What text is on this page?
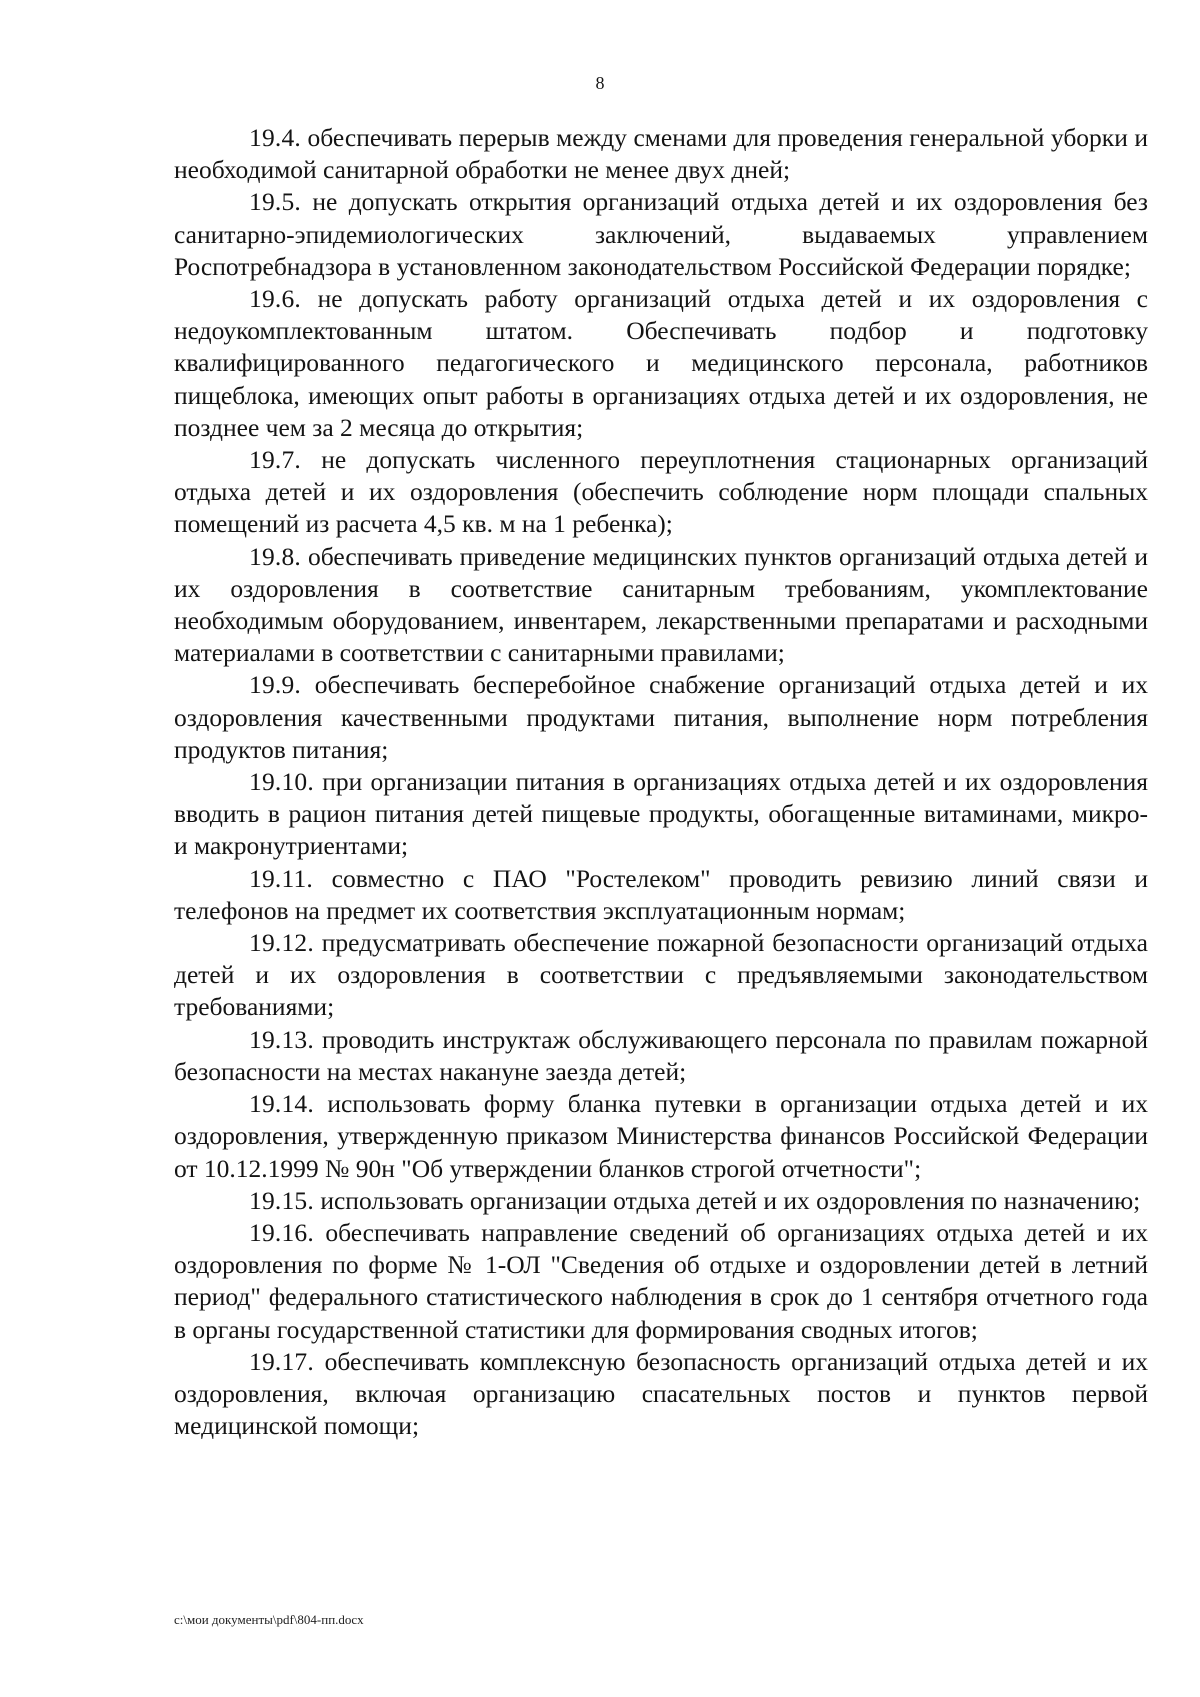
8

19.4. обеспечивать перерыв между сменами для проведения генеральной уборки и необходимой санитарной обработки не менее двух дней;

19.5. не допускать открытия организаций отдыха детей и их оздоровления без санитарно-эпидемиологических заключений, выдаваемых управлением Роспотребнадзора в установленном законодательством Российской Федерации порядке;

19.6. не допускать работу организаций отдыха детей и их оздоровления с недоукомплектованным штатом. Обеспечивать подбор и подготовку квалифицированного педагогического и медицинского персонала, работников пищеблока, имеющих опыт работы в организациях отдыха детей и их оздоровления, не позднее чем за 2 месяца до открытия;

19.7. не допускать численного переуплотнения стационарных организаций отдыха детей и их оздоровления (обеспечить соблюдение норм площади спальных помещений из расчета 4,5 кв. м на 1 ребенка);

19.8. обеспечивать приведение медицинских пунктов организаций отдыха детей и их оздоровления в соответствие санитарным требованиям, укомплектование необходимым оборудованием, инвентарем, лекарственными препаратами и расходными материалами в соответствии с санитарными правилами;

19.9. обеспечивать бесперебойное снабжение организаций отдыха детей и их оздоровления качественными продуктами питания, выполнение норм потребления продуктов питания;

19.10. при организации питания в организациях отдыха детей и их оздоровления вводить в рацион питания детей пищевые продукты, обогащенные витаминами, микро- и макронутриентами;

19.11. совместно с ПАО "Ростелеком" проводить ревизию линий связи и телефонов на предмет их соответствия эксплуатационным нормам;

19.12. предусматривать обеспечение пожарной безопасности организаций отдыха детей и их оздоровления в соответствии с предъявляемыми законодательством требованиями;

19.13. проводить инструктаж обслуживающего персонала по правилам пожарной безопасности на местах накануне заезда детей;

19.14. использовать форму бланка путевки в организации отдыха детей и их оздоровления, утвержденную приказом Министерства финансов Российской Федерации от 10.12.1999 № 90н "Об утверждении бланков строгой отчетности";

19.15. использовать организации отдыха детей и их оздоровления по назначению;

19.16. обеспечивать направление сведений об организациях отдыха детей и их оздоровления по форме № 1-ОЛ "Сведения об отдыхе и оздоровлении детей в летний период" федерального статистического наблюдения в срок до 1 сентября отчетного года в органы государственной статистики для формирования сводных итогов;

19.17. обеспечивать комплексную безопасность организаций отдыха детей и их оздоровления, включая организацию спасательных постов и пунктов первой медицинской помощи;

c:\мои документы\pdf\804-пп.docx
